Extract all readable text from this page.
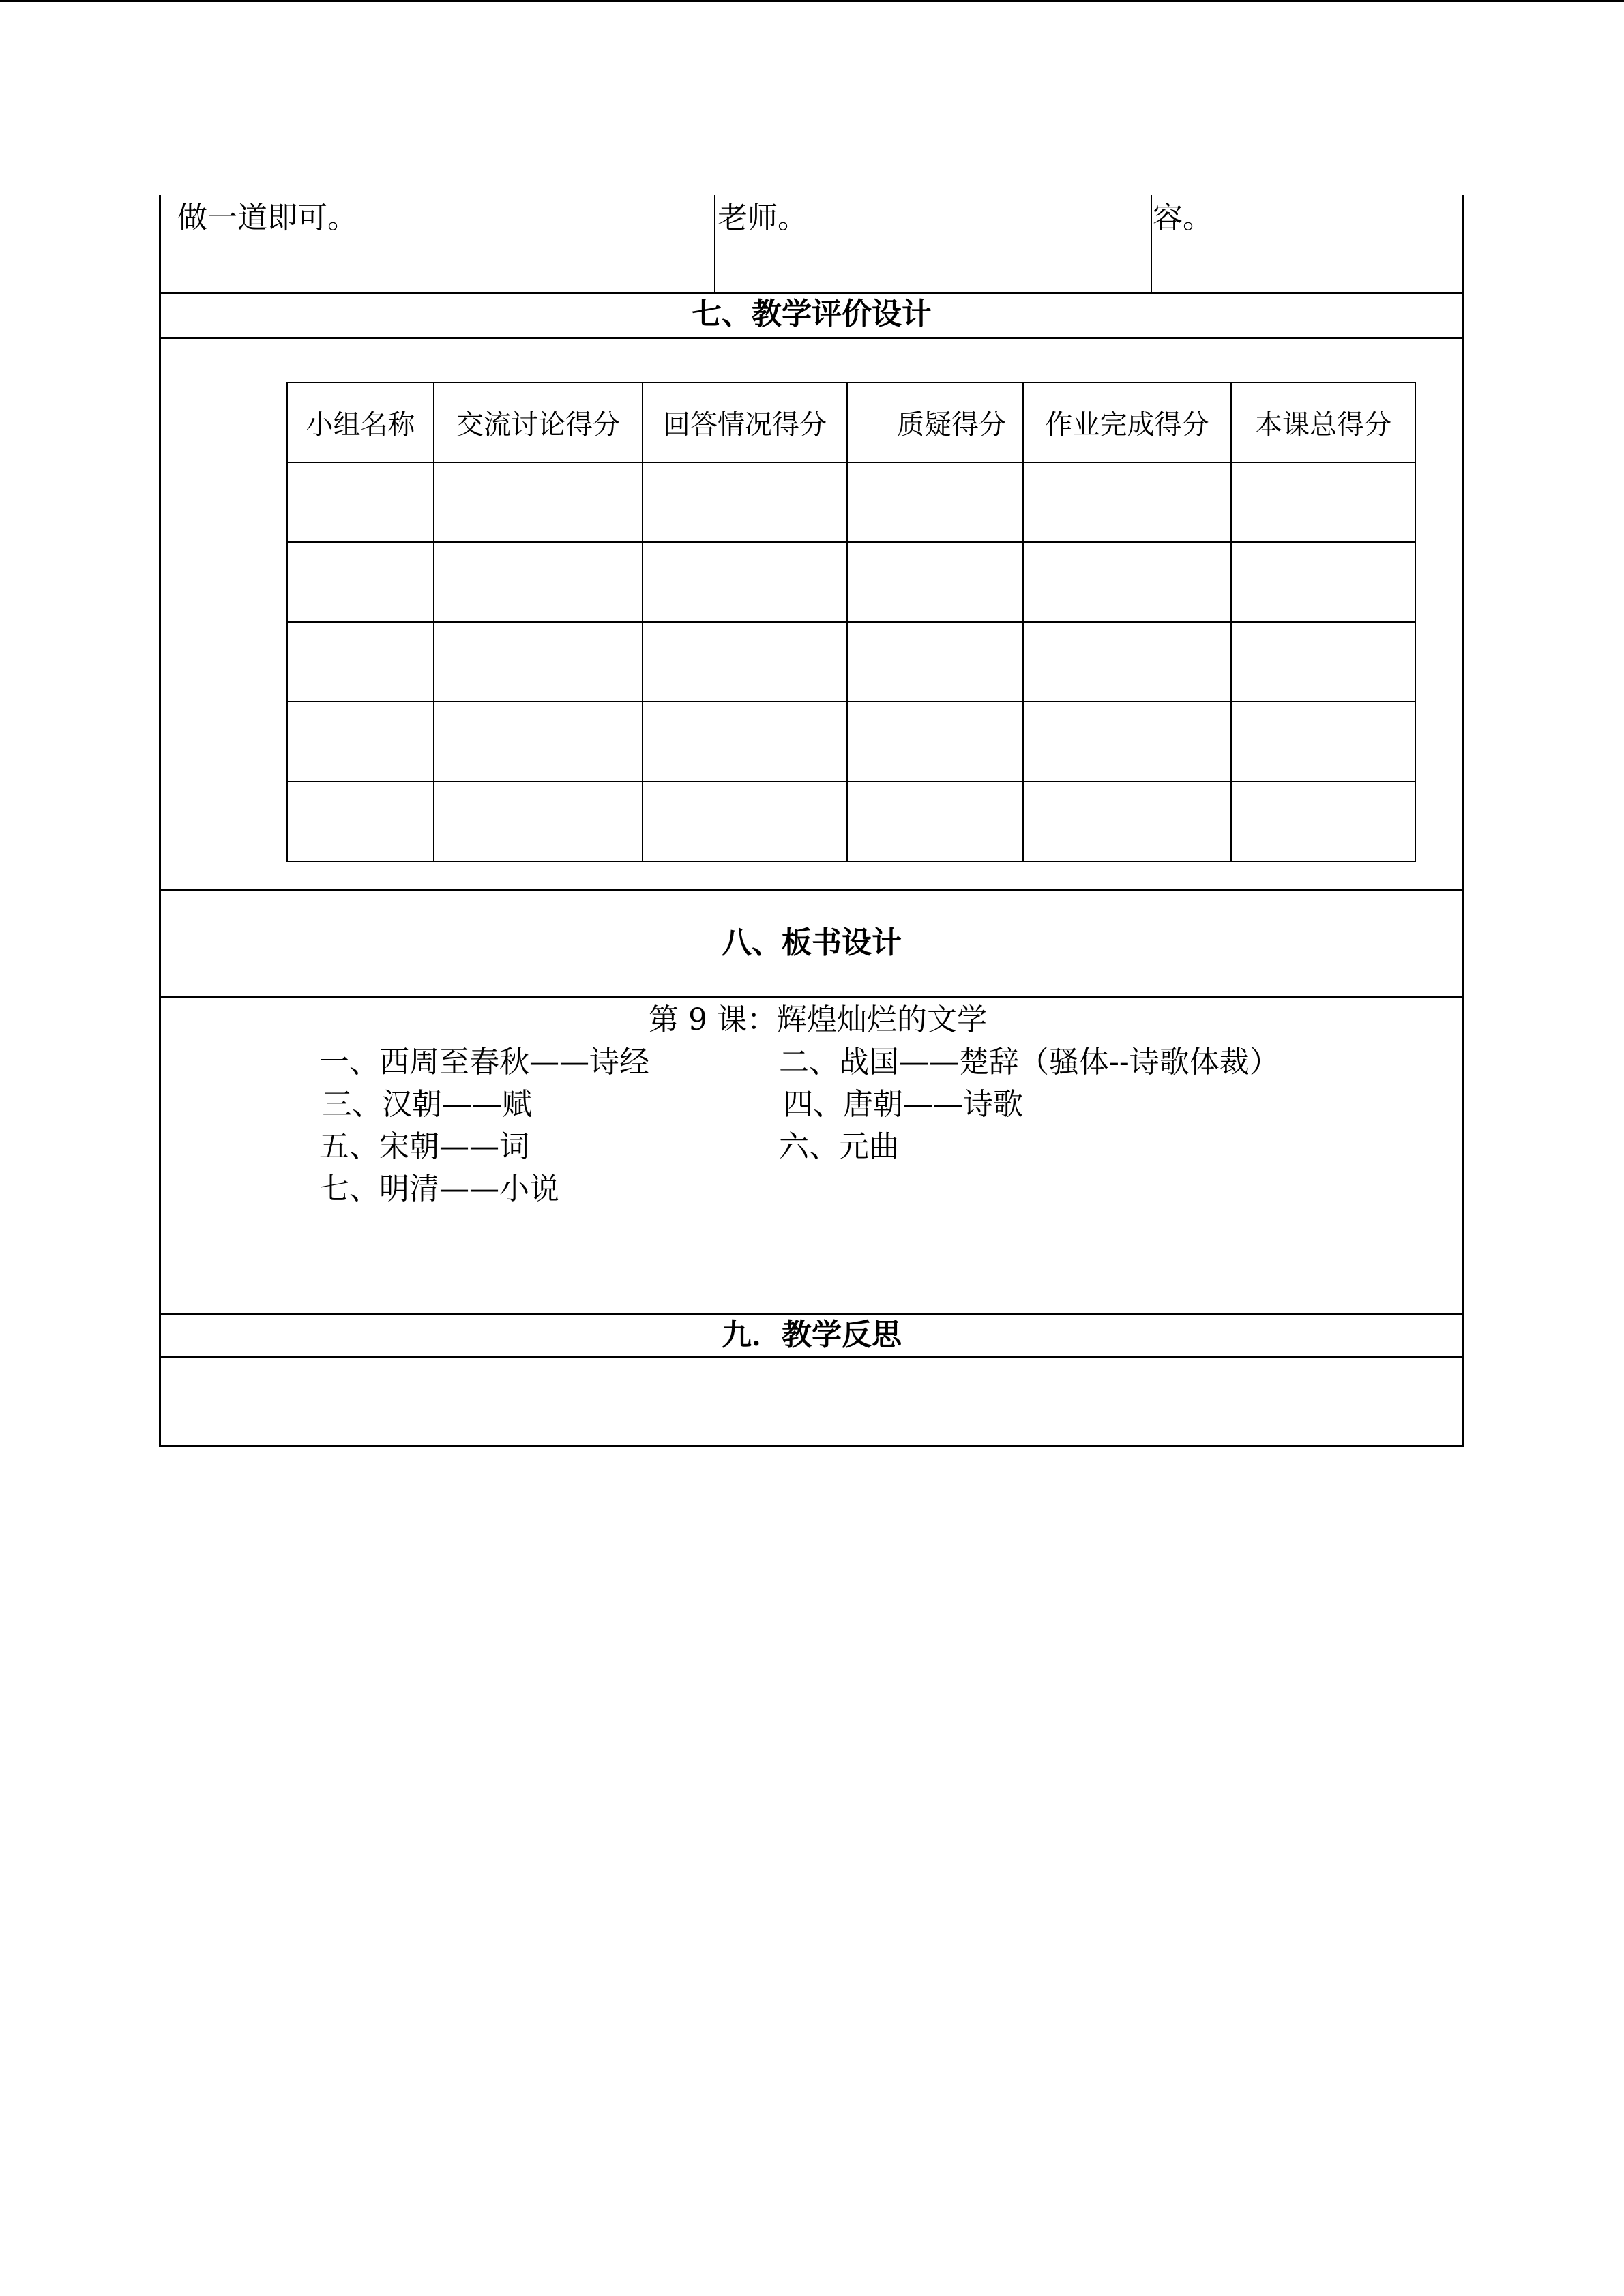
做一道即可。	老师。	容。
七、教学评价设计
小组名称	交流讨论得分	回答情况得分	质疑得分	作业完成得分	本课总得分

八、板书设计
第 9 课：辉煌灿烂的文学
一、西周至春秋——诗经	二、战国——楚辞（骚体--诗歌体裁）
三、汉朝——赋	四、唐朝——诗歌
五、宋朝——词	六、元曲
七、明清——小说
九．教学反思
